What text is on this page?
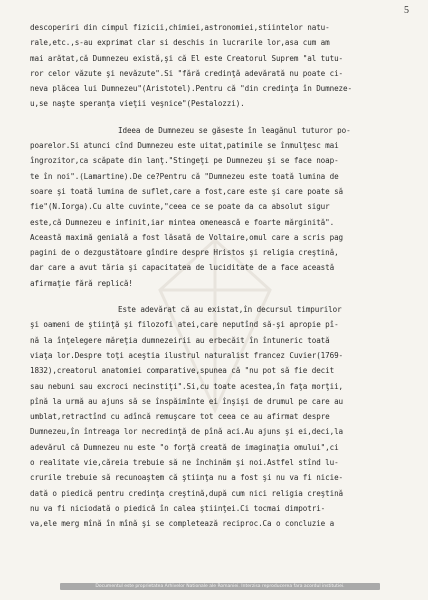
5
descoperiri din cimpul fizicii,chimiei,astronomiei,stiintelor natu-
rale,etc.,s-au exprimat clar si deschis in lucrarile lor,asa cum am
mai arătat,că Dumnezeu există,şi că El este Creatorul Suprem "al tutu-
ror celor văzute şi nevăzute".Si "fără credinţă adevărată nu poate ci-
neva plăcea lui Dumnezeu"(Aristotel).Pentru că "din credinţa în Dumneze-
u,se naşte speranţa vieţii veşnice"(Pestalozzi).
Ideea de Dumnezeu se găseste în leagănul tuturor po-
poarelor.Si atunci cînd Dumnezeu este uitat,patimile se înmulţesc mai
îngrozitor,ca scăpate din lanţ."Stingeţi pe Dumnezeu şi se face noap-
te în noi".(Lamartine).De ce?Pentru că "Dumnezeu este toată lumina de
soare şi toată lumina de suflet,care a fost,care este şi care poate să
fie"(N.Iorga).Cu alte cuvinte,"ceea ce se poate da ca absolut sigur
este,că Dumnezeu e infinit,iar mintea omenească e foarte mărginită".
Această maximă genială a fost lăsată de Voltaire,omul care a scris pag
pagini de o dezgustătoare gîndire despre Hristos şi religia creştină,
dar care a avut tăria şi capacitatea de luciditate de a face această
afirmaţie fără replică!
Este adevărat că au existat,în decursul timpurilor
şi oameni de ştiinţă şi filozofi atei,care neputînd să-şi apropie pî-
nă la înţelegere măreţia dumnezeirii au erbecăit în întuneric toată
viaţa lor.Despre toţi aceştia ilustrul naturalist francez Cuvier(1769-
1832),creatorul anatomiei comparative,spunea că "nu pot să fie decit
sau nebuni sau excroci necinstiţi".Si,cu toate acestea,în faţa morţii,
pînă la urmă au ajuns să se înspăimînte ei înşişi de drumul pe care au
umblat,retractînd cu adîncă remuşcare tot ceea ce au afirmat despre
Dumnezeu,în întreaga lor necredinţă de pînă aci.Au ajuns şi ei,deci,la
adevărul că Dumnezeu nu este "o forţă creată de imaginaţia omului",ci
o realitate vie,căreia trebuie să ne închinăm şi noi.Astfel stînd lu-
crurile trebuie să recunoaştem că ştiinţa nu a fost şi nu va fi nicie-
dată o piedică pentru credinţa creştină,după cum nici religia creştină
nu va fi niciodată o piedică în calea ştiinţei.Ci tocmai dimpotri-
va,ele merg mînă în mînă şi se completează reciproc.Ca o concluzie a
Documentul este proprietatea Arhivelor Nationale ale Romaniei. Interzisa reproducerea fara acordul institutiei.
